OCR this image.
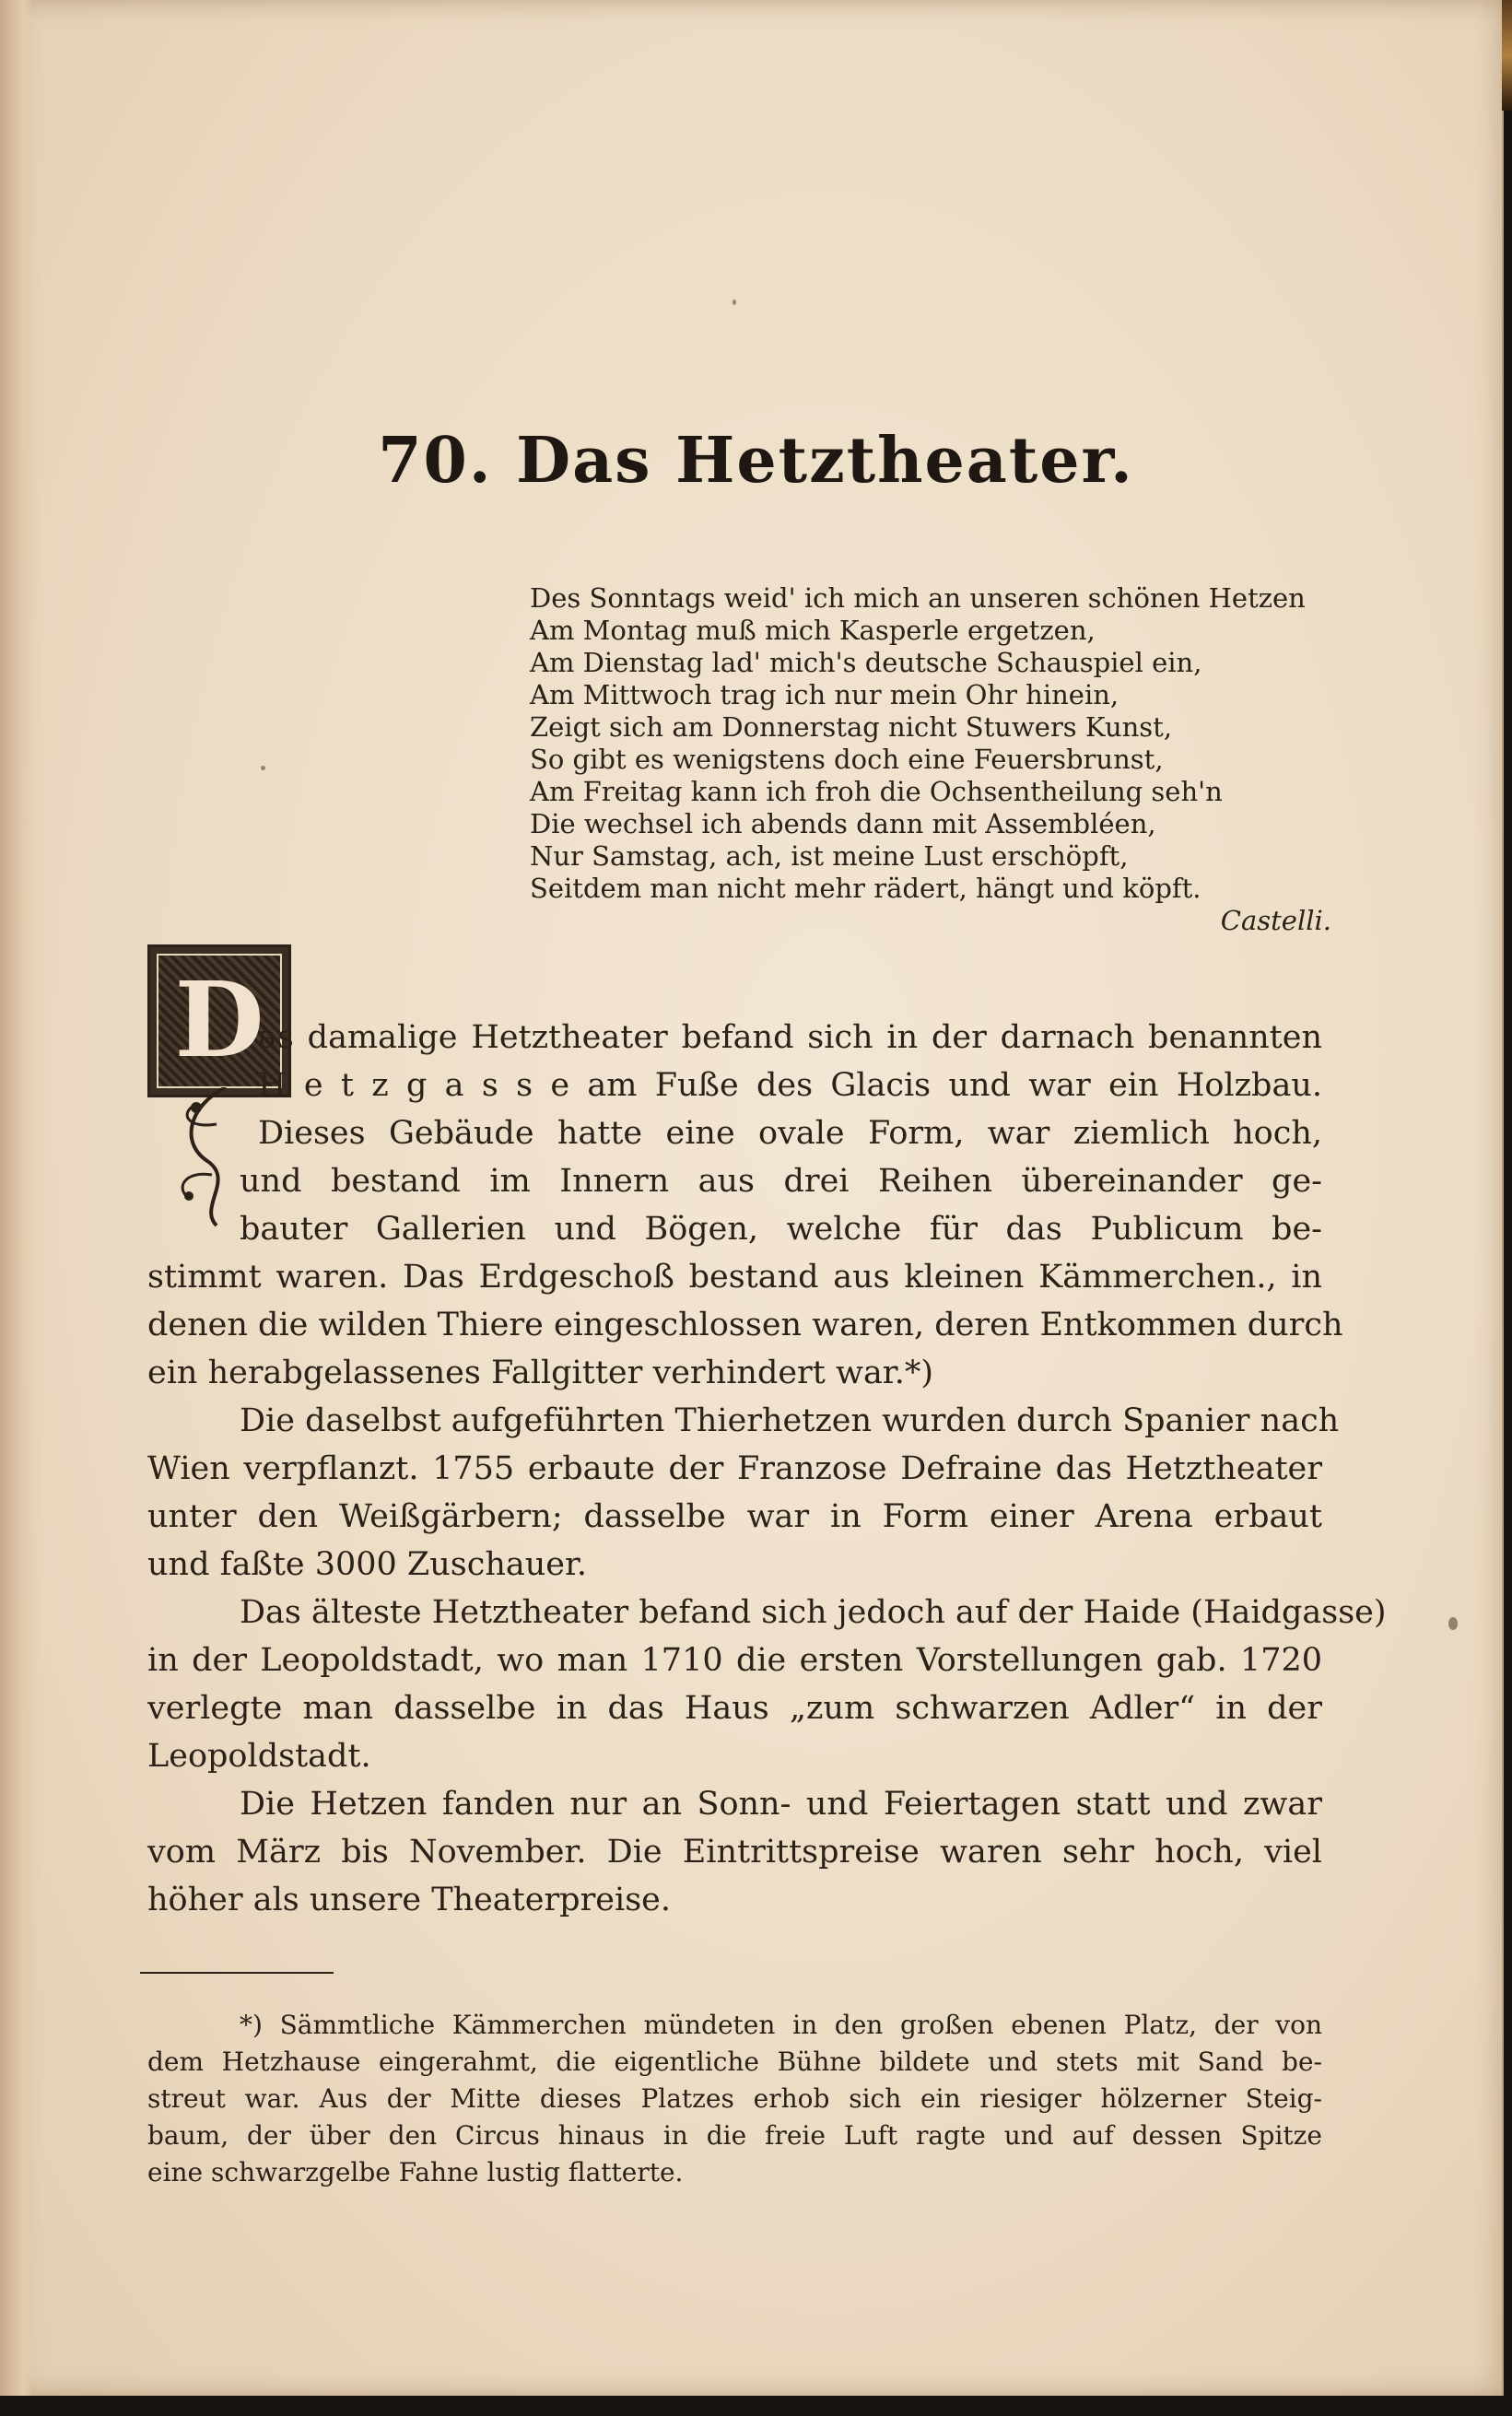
70. Das Hetztheater.
Des Sonntags weid' ich mich an unseren schönen Hetzen
Am Montag muß mich Kasperle ergetzen,
Am Dienstag lad' mich's deutsche Schauspiel ein,
Am Mittwoch trag ich nur mein Ohr hinein,
Zeigt sich am Donnerstag nicht Stuwers Kunst,
So gibt es wenigstens doch eine Feuersbrunst,
Am Freitag kann ich froh die Ochsentheilung seh'n
Die wechsel ich abends dann mit Assembléen,
Nur Samstag, ach, ist meine Lust erschöpft,
Seitdem man nicht mehr rädert, hängt und köpft.
Castelli.
D
as damalige Hetztheater befand sich in der darnach benannten
H e t z g a s s e am Fuße des Glacis und war ein Holzbau.
Dieses Gebäude hatte eine ovale Form, war ziemlich hoch,
und bestand im Innern aus drei Reihen übereinander ge-
bauter Gallerien und Bögen, welche für das Publicum be-
stimmt waren. Das Erdgeschoß bestand aus kleinen Kämmerchen., in
denen die wilden Thiere eingeschlossen waren, deren Entkommen durch
ein herabgelassenes Fallgitter verhindert war.*)
Die daselbst aufgeführten Thierhetzen wurden durch Spanier nach
Wien verpflanzt. 1755 erbaute der Franzose Defraine das Hetztheater
unter den Weißgärbern; dasselbe war in Form einer Arena erbaut
und faßte 3000 Zuschauer.
Das älteste Hetztheater befand sich jedoch auf der Haide (Haidgasse)
in der Leopoldstadt, wo man 1710 die ersten Vorstellungen gab. 1720
verlegte man dasselbe in das Haus „zum schwarzen Adler“ in der
Leopoldstadt.
Die Hetzen fanden nur an Sonn- und Feiertagen statt und zwar
vom März bis November. Die Eintrittspreise waren sehr hoch, viel
höher als unsere Theaterpreise.
*) Sämmtliche Kämmerchen mündeten in den großen ebenen Platz, der von
dem Hetzhause eingerahmt, die eigentliche Bühne bildete und stets mit Sand be-
streut war. Aus der Mitte dieses Platzes erhob sich ein riesiger hölzerner Steig-
baum, der über den Circus hinaus in die freie Luft ragte und auf dessen Spitze
eine schwarzgelbe Fahne lustig flatterte.
